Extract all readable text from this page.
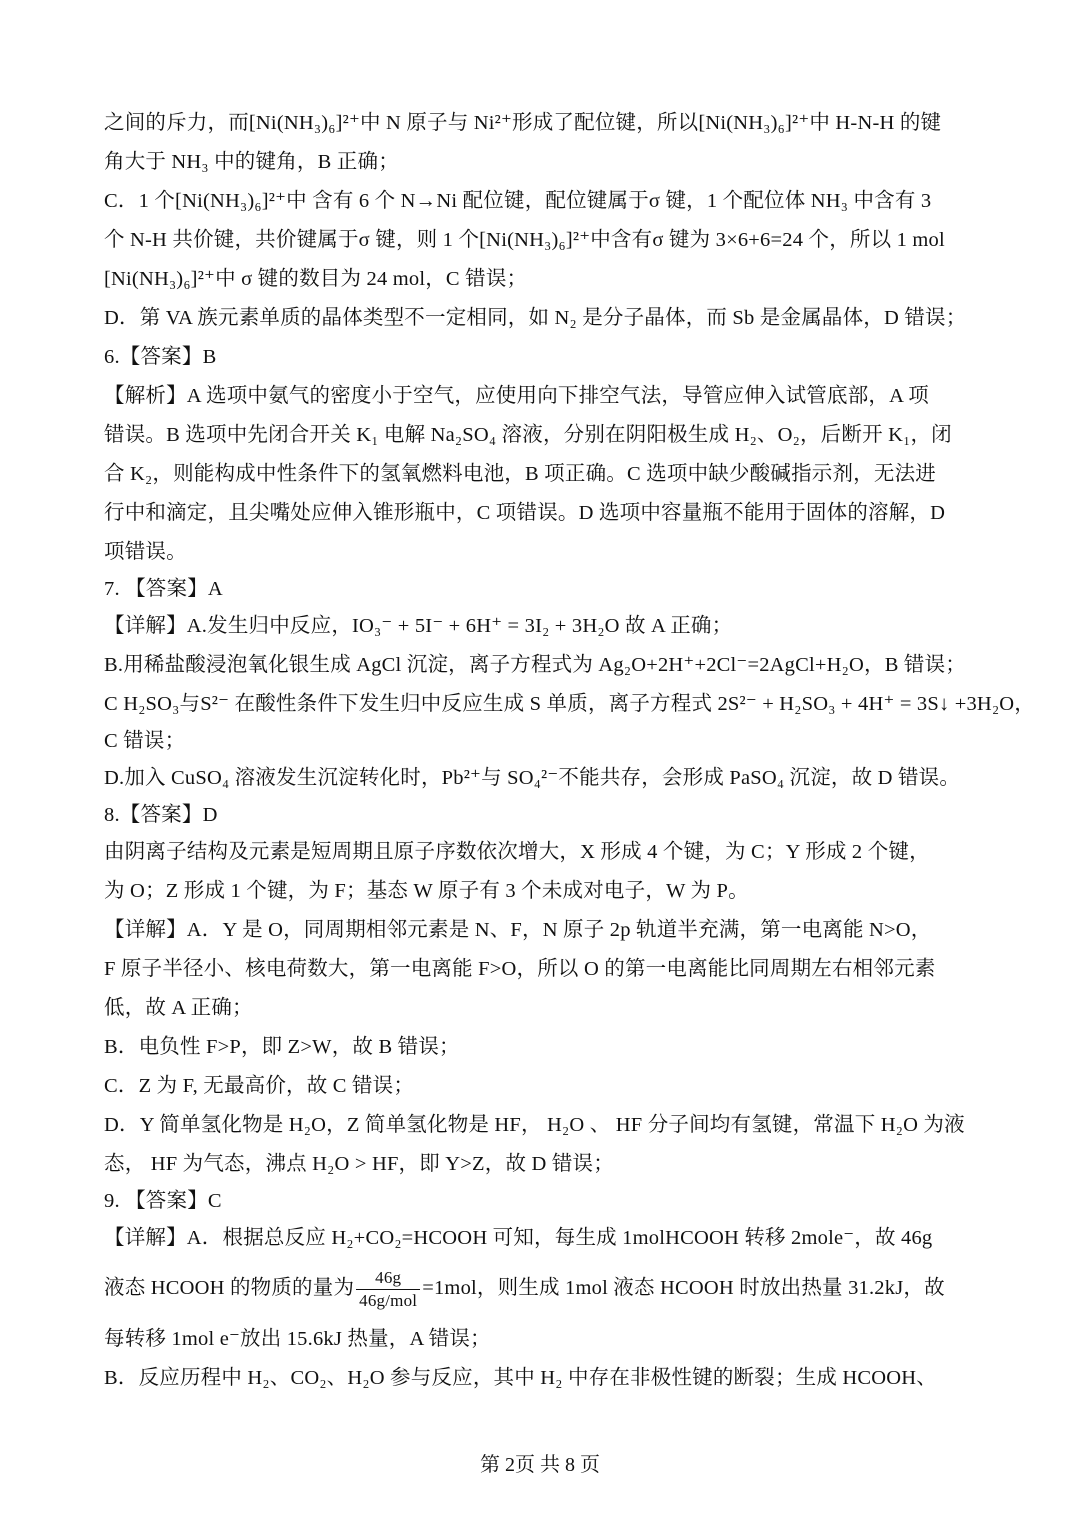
之间的斥力，而[Ni(NH₃)₆]²⁺中 N 原子与 Ni²⁺形成了配位键，所以[Ni(NH₃)₆]²⁺中 H-N-H 的键
角大于 NH₃ 中的键角，B 正确；
C．1 个[Ni(NH₃)₆]²⁺中 含有 6 个 N→Ni 配位键，配位键属于σ 键，1 个配位体 NH₃ 中含有 3
个 N-H 共价键，共价键属于σ 键，则 1 个[Ni(NH₃)₆]²⁺中含有σ 键为 3×6+6=24 个，所以 1 mol
[Ni(NH₃)₆]²⁺中 σ 键的数目为 24 mol，C 错误；
D．第 VA 族元素单质的晶体类型不一定相同，如 N₂ 是分子晶体，而 Sb 是金属晶体，D 错误；
6.【答案】B
【解析】A 选项中氨气的密度小于空气，应使用向下排空气法，导管应伸入试管底部，A 项
错误。B 选项中先闭合开关 K₁ 电解 Na₂SO₄ 溶液，分别在阴阳极生成 H₂、O₂，后断开 K₁，闭
合 K₂，则能构成中性条件下的氢氧燃料电池，B 项正确。C 选项中缺少酸碱指示剂，无法进
行中和滴定，且尖嘴处应伸入锥形瓶中，C 项错误。D 选项中容量瓶不能用于固体的溶解，D
项错误。
7. 【答案】A
【详解】A.发生归中反应，IO₃⁻ + 5I⁻ + 6H⁺ = 3I₂ + 3H₂O 故 A 正确；
B.用稀盐酸浸泡氧化银生成 AgCl 沉淀，离子方程式为 Ag₂O+2H⁺+2Cl⁻=2AgCl+H₂O，B 错误；
C H₂SO₃与S²⁻ 在酸性条件下发生归中反应生成 S 单质，离子方程式 2S²⁻ + H₂SO₃ + 4H⁺ = 3S↓ +3H₂O，
C 错误；
D.加入 CuSO₄ 溶液发生沉淀转化时，Pb²⁺与 SO₄²⁻不能共存，会形成 PaSO₄ 沉淀，故 D 错误。
8.【答案】D
由阴离子结构及元素是短周期且原子序数依次增大，X 形成 4 个键，为 C；Y 形成 2 个键，
为 O；Z 形成 1 个键，为 F；基态 W 原子有 3 个未成对电子，W 为 P。
【详解】A．Y 是 O，同周期相邻元素是 N、F，N 原子 2p 轨道半充满，第一电离能 N>O，
F 原子半径小、核电荷数大，第一电离能 F>O，所以 O 的第一电离能比同周期左右相邻元素
低，故 A 正确；
B．电负性 F>P，即 Z>W，故 B 错误；
C．Z 为 F, 无最高价，故 C 错误；
D．Y 简单氢化物是 H₂O，Z 简单氢化物是 HF， H₂O 、 HF 分子间均有氢键，常温下 H₂O 为液
态， HF 为气态，沸点 H₂O > HF，即 Y>Z，故 D 错误；
9. 【答案】C
【详解】A．根据总反应 H₂+CO₂=HCOOH 可知，每生成 1molHCOOH 转移 2mole⁻，故 46g
液态 HCOOH 的物质的量为 $\frac{46g}{\text{46g/mol}} =1mol$，则生成 1mol 液态 HCOOH 时放出热量 31.2kJ，故
每转移 1mol e⁻放出 15.6kJ 热量，A 错误；
B．反应历程中 H₂、CO₂、H₂O 参与反应，其中 H₂ 中存在非极性键的断裂；生成 HCOOH、
第 2页 共 8 页
